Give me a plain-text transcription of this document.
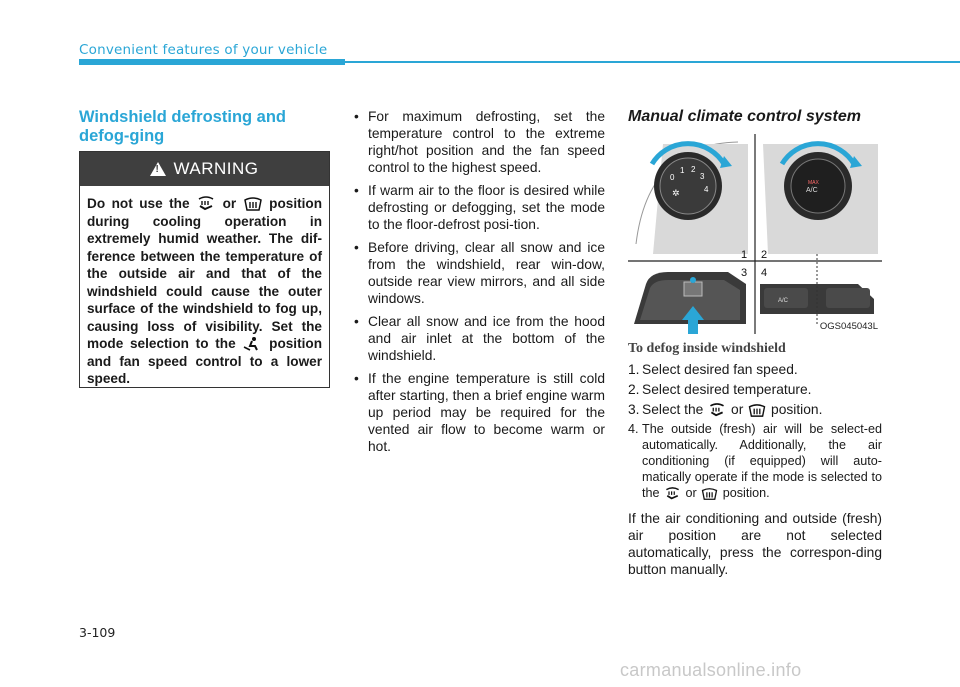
Convenient features of your vehicle
Windshield defrosting and defog-ging
!
WARNING
Do not use the or position during cooling operation in extremely humid weather. The dif-ference between the temperature of the outside air and that of the windshield could cause the outer surface of the windshield to fog up, causing loss of visibility. Set the mode selection to the position and fan speed control to a lower speed.
• For maximum defrosting, set the temperature control to the extreme right/hot position and the fan speed control to the highest speed.
• If warm air to the floor is desired while defrosting or defogging, set the mode to the floor-defrost posi-tion.
• Before driving, clear all snow and ice from the windshield, rear win-dow, outside rear view mirrors, and all side windows.
• Clear all snow and ice from the hood and air inlet at the bottom of the windshield.
• If the engine temperature is still cold after starting, then a brief engine warm up period may be required for the vented air flow to become warm or hot.
Manual climate control system
0
1 2
3
4
✲
MAX
A/C
1 2
3 4
A/C
OGS045043L
To defog inside windshield
1. Select desired fan speed.
2. Select desired temperature.
3. Select the or position.
4. The outside (fresh) air will be select-ed automatically. Additionally, the air conditioning (if equipped) will auto-matically operate if the mode is selected to the or position.
If the air conditioning and outside (fresh) air position are not selected automatically, press the correspon-ding button manually.
3-109
carmanualsonline.info
